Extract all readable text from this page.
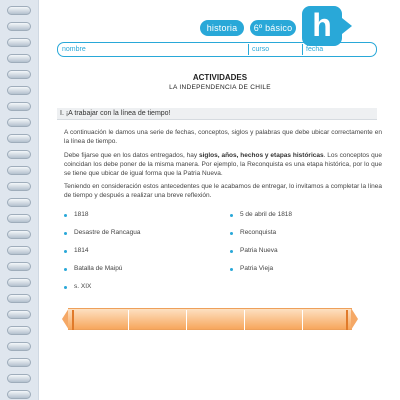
historia	6º básico h
nombre	curso	fecha
ACTIVIDADES
LA INDEPENDENCIA DE CHILE
I. ¡A trabajar con la línea de tiempo!

A continuación le damos una serie de fechas, conceptos, siglos y palabras que debe ubicar correctamente en la línea de tiempo.

Debe fijarse que en los datos entregados, hay siglos, años, hechos y etapas históricas. Los conceptos que coincidan los debe poner de la misma manera. Por ejemplo, la Reconquista es una etapa histórica, por lo que se tiene que ubicar de igual forma que la Patria Nueva.

Teniendo en consideración estos antecedentes que le acabamos de entregar, lo invitamos a completar la línea de tiempo y después a realizar una breve reflexión.

1818
Desastre de Rancagua
1814
Batalla de Maipú
s. XIX
5 de abril de 1818
Reconquista
Patria Nueva
Patria Vieja
